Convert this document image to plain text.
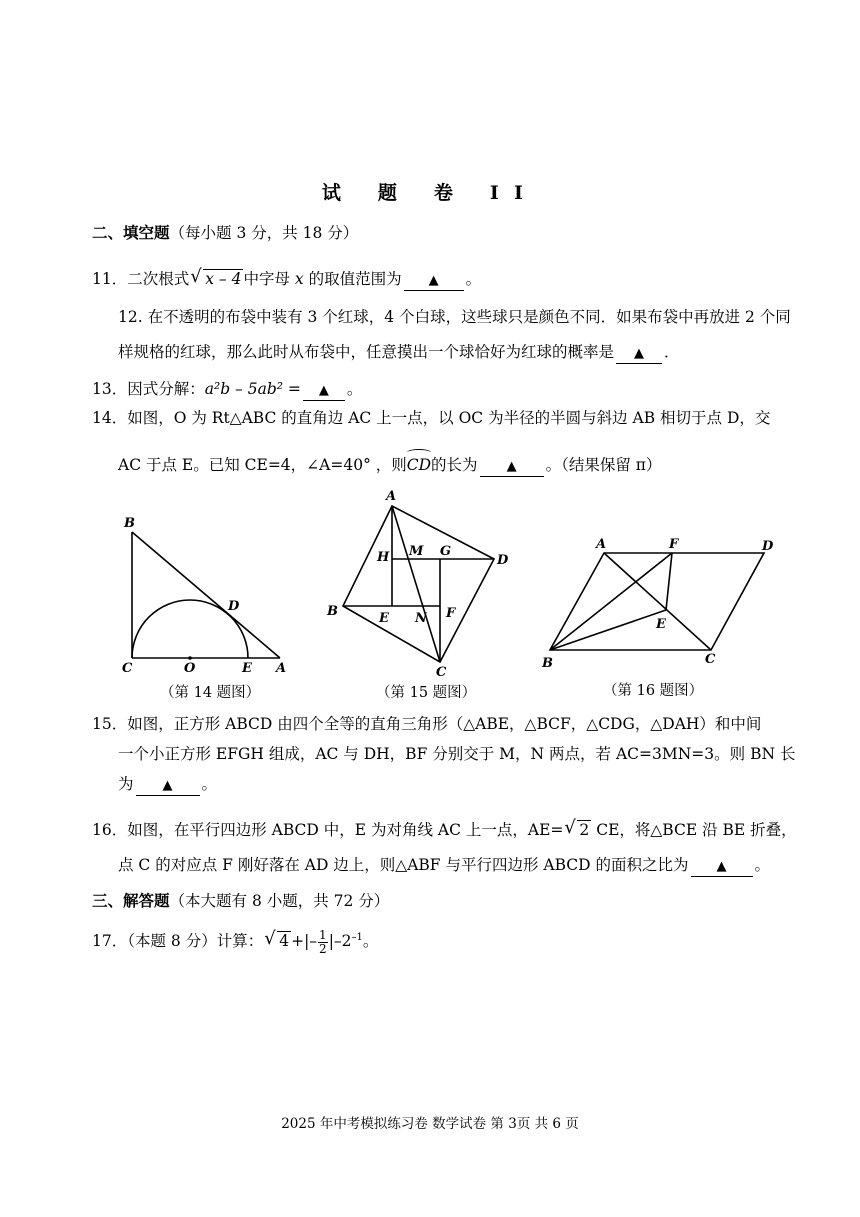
试 题 卷 II
二、填空题（每小题 3 分，共 18 分）
11．二次根式 √ x – 4 中字母 x 的取值范围为 ▲ 。
12. 在不透明的布袋中装有 3 个红球，4 个白球，这些球只是颜色不同．如果布袋中再放进 2 个同
样规格的红球，那么此时从布袋中，任意摸出一个球恰好为红球的概率是 ▲ ．
13．因式分解：a²b – 5ab² = ▲ 。
14．如图，O 为 Rt△ABC 的直角边 AC 上一点，以 OC 为半径的半圆与斜边 AB 相切于点 D，交
AC 于点 E。已知 CE=4，∠A=40° ，则CD的长为 ▲ 。（结果保留 π）
B
D
C	O	E A
（第 14 题图）
A
H M G
D
B	E N F
C
（第 15 题图）
A	F	D
E
B	C
（第 16 题图）
15．如图，正方形 ABCD 由四个全等的直角三角形（△ABE，△BCF，△CDG，△DAH）和中间
一个小正方形 EFGH 组成，AC 与 DH，BF 分别交于 M，N 两点，若 AC=3MN=3。则 BN 长
为 ▲ 。
16．如图，在平行四边形 ABCD 中，E 为对角线 AC 上一点，AE= √ 2 CE，将△BCE 沿 BE 折叠，
点 C 的对应点 F 刚好落在 AD 边上，则△ABF 与平行四边形 ABCD 的面积之比为 ▲ 。
三、解答题（本大题有 8 小题，共 72 分）
17．（本题 8 分）计算： √ 4 +|– $\frac{1}{2} |-2^{-1}$。
2025 年中考模拟练习卷 数学试卷 第 3页 共 6 页
